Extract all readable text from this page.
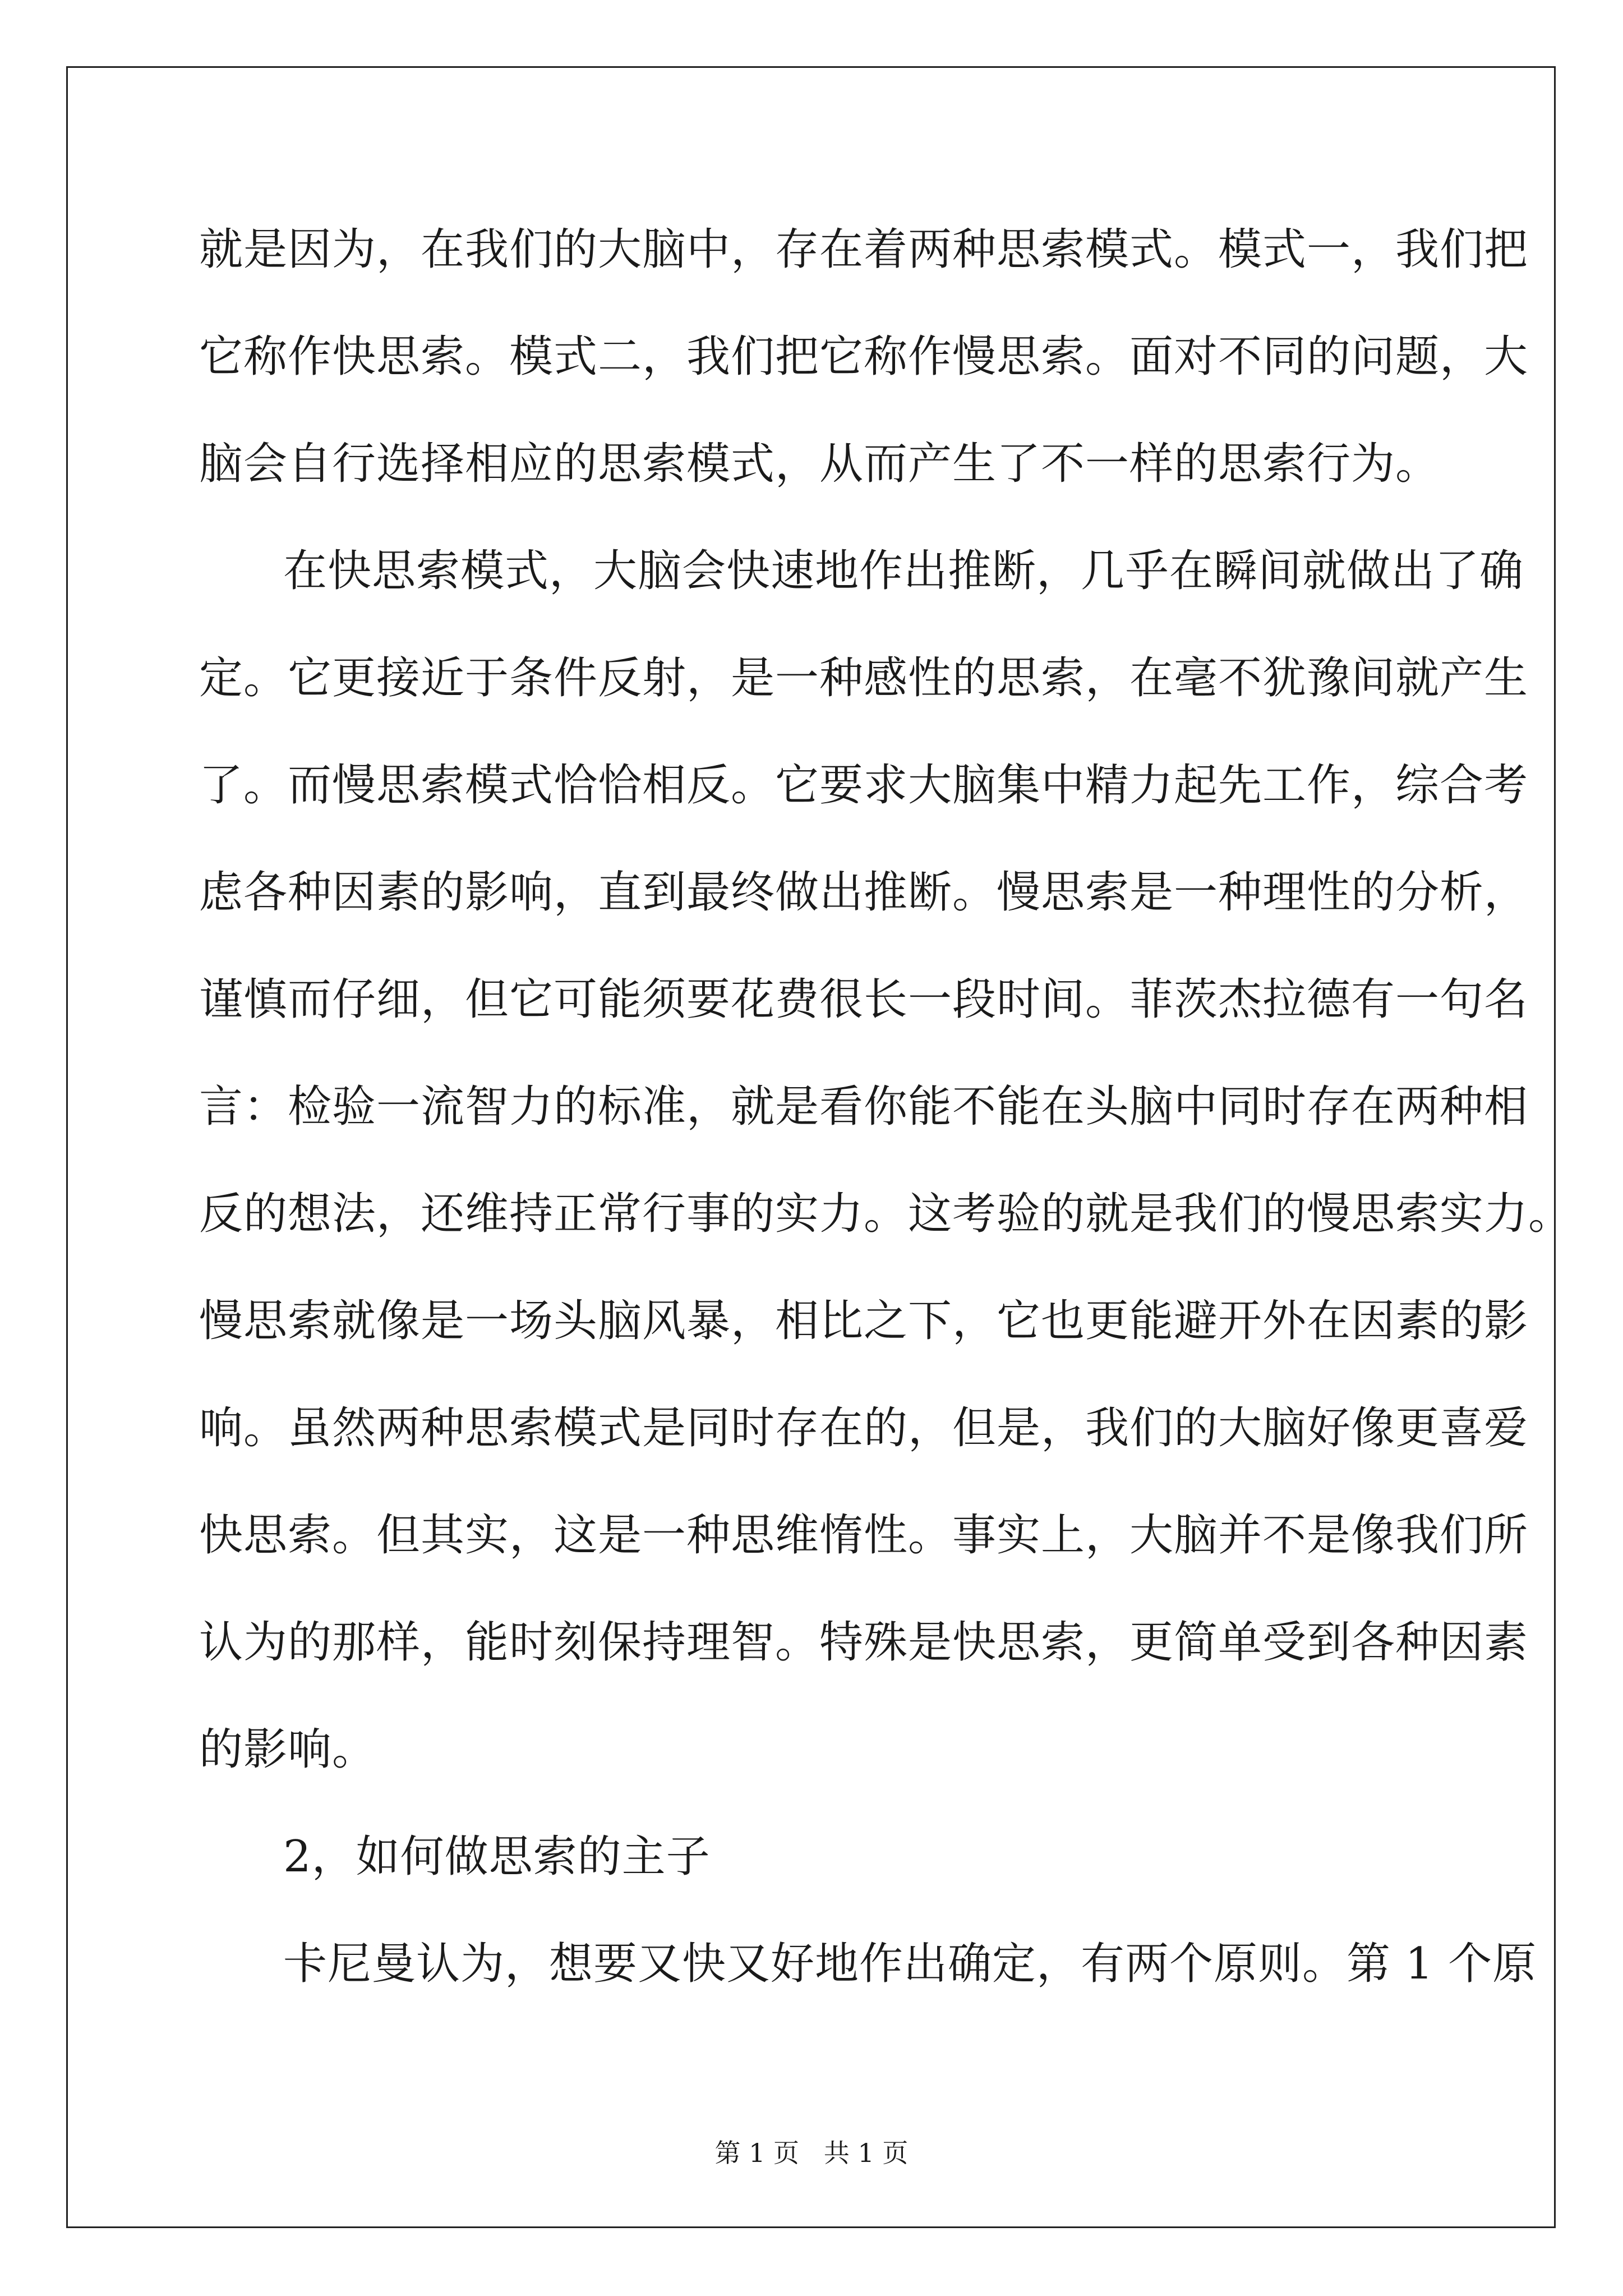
就是因为，在我们的大脑中，存在着两种思索模式。模式一，我们把
它称作快思索。模式二，我们把它称作慢思索。面对不同的问题，大
脑会自行选择相应的思索模式，从而产生了不一样的思索行为。
在快思索模式，大脑会快速地作出推断，几乎在瞬间就做出了确
定。它更接近于条件反射，是一种感性的思索，在毫不犹豫间就产生
了。而慢思索模式恰恰相反。它要求大脑集中精力起先工作，综合考
虑各种因素的影响，直到最终做出推断。慢思索是一种理性的分析，
谨慎而仔细，但它可能须要花费很长一段时间。菲茨杰拉德有一句名
言：检验一流智力的标准，就是看你能不能在头脑中同时存在两种相
反的想法，还维持正常行事的实力。这考验的就是我们的慢思索实力。
慢思索就像是一场头脑风暴，相比之下，它也更能避开外在因素的影
响。虽然两种思索模式是同时存在的，但是，我们的大脑好像更喜爱
快思索。但其实，这是一种思维惰性。事实上，大脑并不是像我们所
认为的那样，能时刻保持理智。特殊是快思索，更简单受到各种因素
的影响。
2，如何做思索的主子
卡尼曼认为，想要又快又好地作出确定，有两个原则。第 1 个原
第 1 页   共 1 页
